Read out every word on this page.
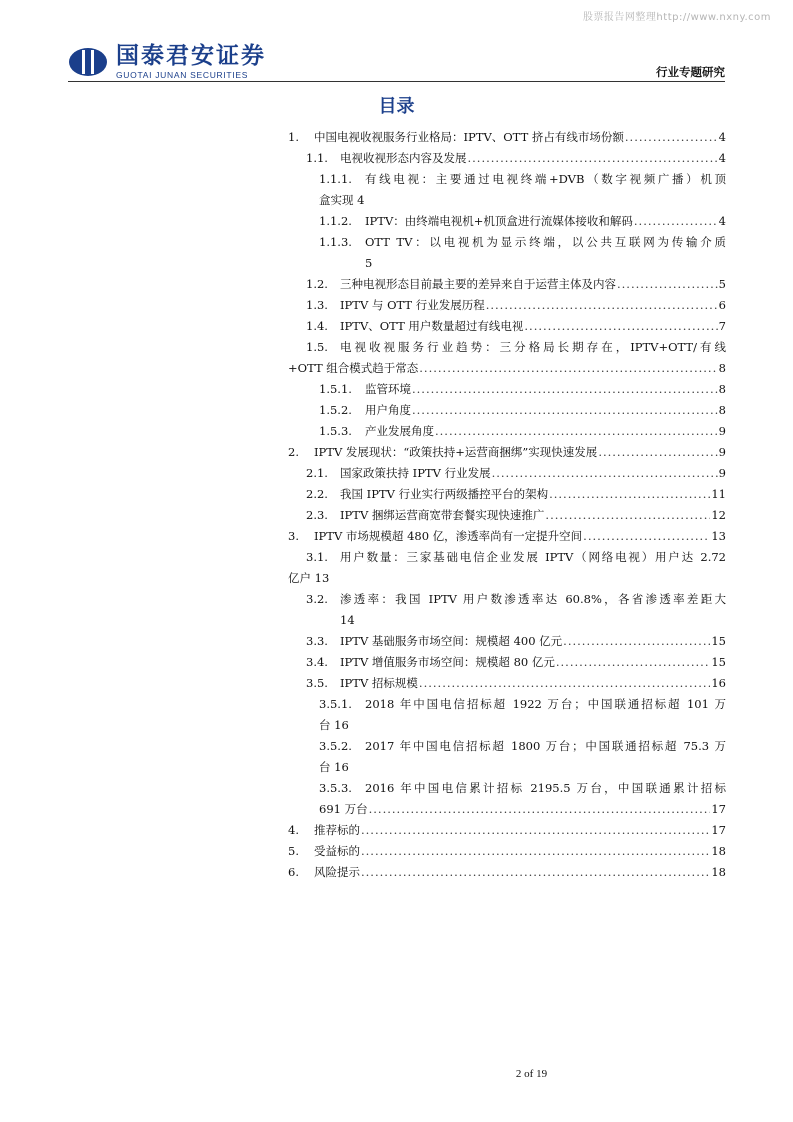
股票报告网整理http://www.nxny.com
国泰君安证券
GUOTAI JUNAN SECURITIES	行业专题研究
目录
1.	中国电视收视服务行业格局：IPTV、OTT 挤占有线市场份额 .....	4
1.1.	电视收视形态内容及发展 .....	4
1.1.1.	有线电视：主要通过电视终端+DVB（数字视频广播）机顶
盒实现 4
1.1.2.	IPTV：由终端电视机+机顶盒进行流媒体接收和解码 .....	4
1.1.3.	OTT TV：以电视机为显示终端，以公共互联网为传输介质
5
1.2.	三种电视形态目前最主要的差异来自于运营主体及内容 .....	5
1.3.	IPTV 与 OTT 行业发展历程 .....	6
1.4.	IPTV、OTT 用户数量超过有线电视 .....	7
1.5.	电视收视服务行业趋势：三分格局长期存在，IPTV+OTT/有线
+OTT 组合模式趋于常态 .....	8
1.5.1.	监管环境 .....	8
1.5.2.	用户角度 .....	8
1.5.3.	产业发展角度 .....	9
2.	IPTV 发展现状：“政策扶持+运营商捆绑”实现快速发展 .....	9
2.1.	国家政策扶持 IPTV 行业发展 .....	9
2.2.	我国 IPTV 行业实行两级播控平台的架构 .....	11
2.3.	IPTV 捆绑运营商宽带套餐实现快速推广 .....	12
3.	IPTV 市场规模超 480 亿，渗透率尚有一定提升空间 .....	13
3.1.	用户数量：三家基础电信企业发展 IPTV（网络电视）用户达 2.72
亿户 13
3.2.	渗透率：我国 IPTV 用户数渗透率达 60.8%，各省渗透率差距大
14
3.3.	IPTV 基础服务市场空间：规模超 400 亿元 .....	15
3.4.	IPTV 增值服务市场空间：规模超 80 亿元 .....	15
3.5.	IPTV 招标规模 .....	16
3.5.1.	2018 年中国电信招标超 1922 万台；中国联通招标超 101 万
台 16
3.5.2.	2017 年中国电信招标超 1800 万台；中国联通招标超 75.3 万
台 16
3.5.3.	2016 年中国电信累计招标 2195.5 万台，中国联通累计招标
691 万台 .....	17
4.	推荐标的 .....	17
5.	受益标的 .....	18
6.	风险提示 .....	18
2 of 19
